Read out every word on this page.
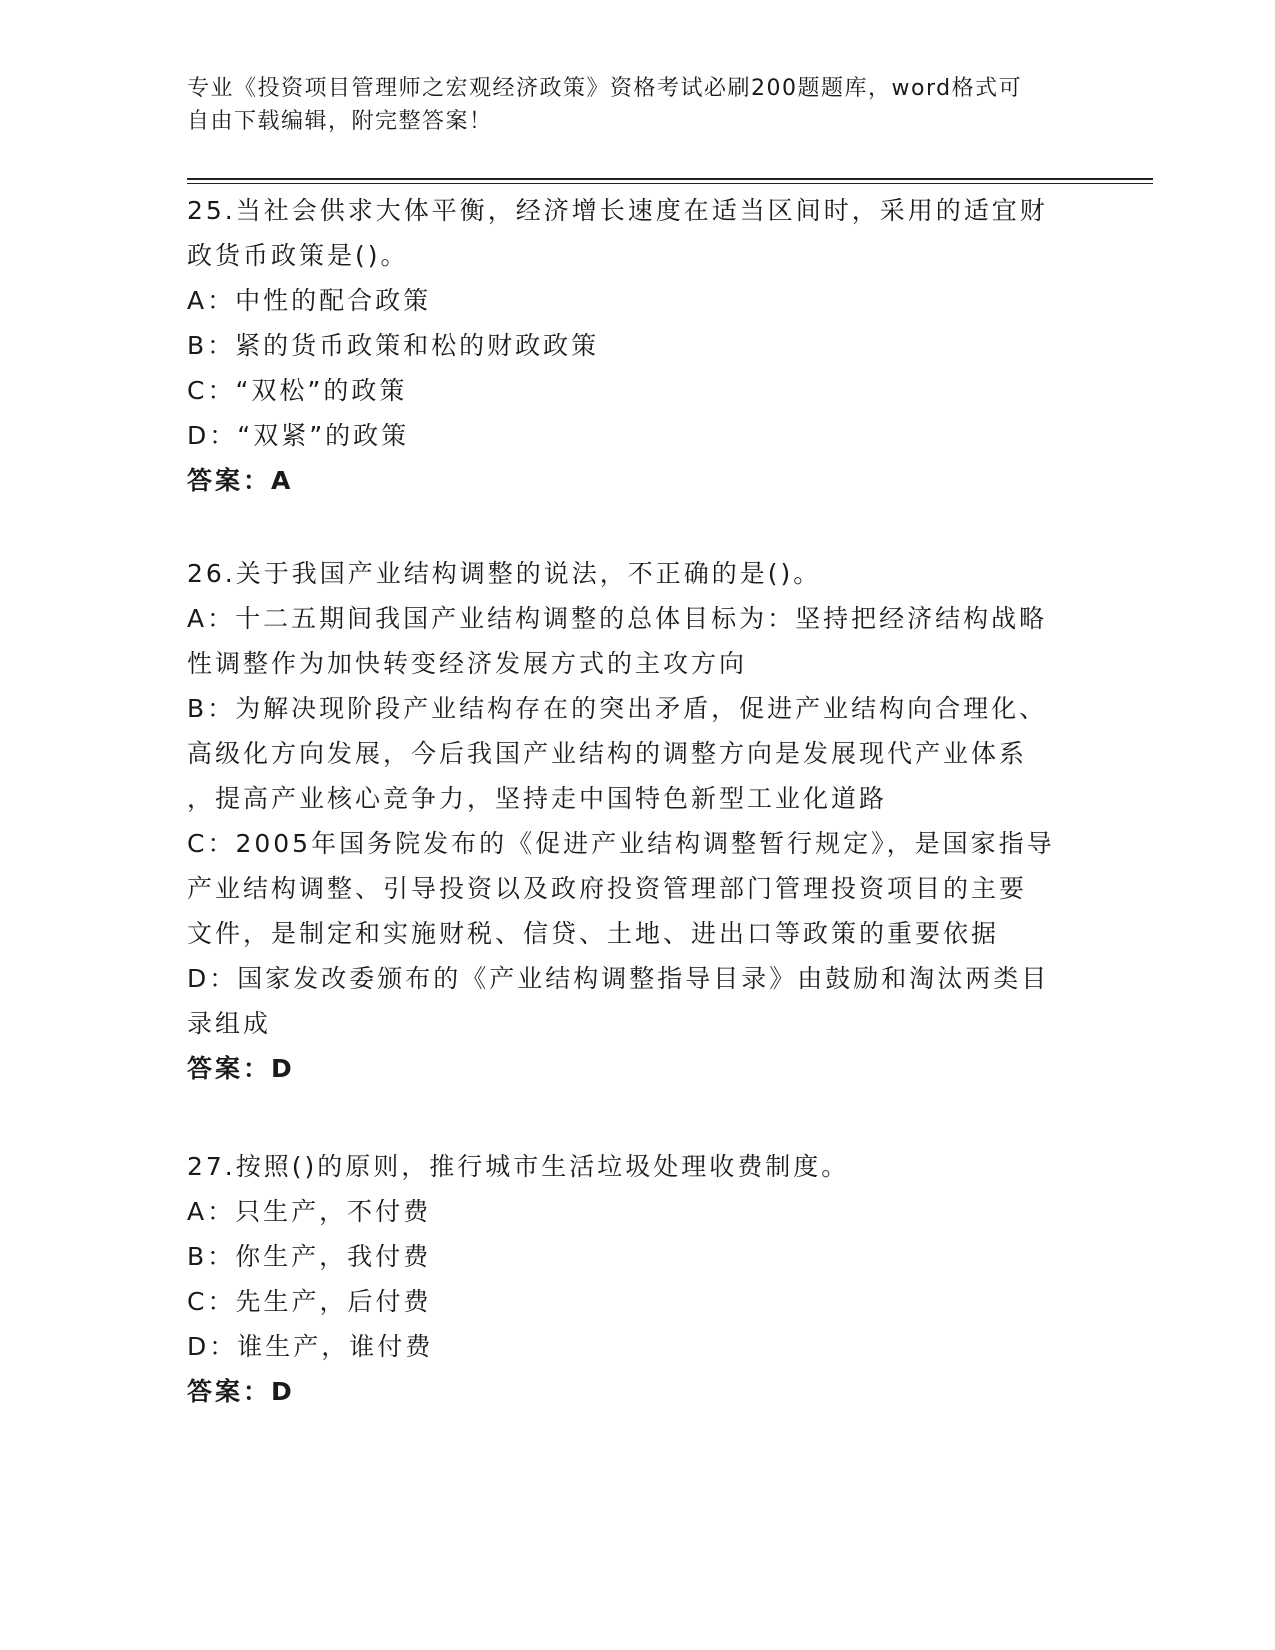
专业《投资项目管理师之宏观经济政策》资格考试必刷200题题库，word格式可
自由下载编辑，附完整答案！

25.当社会供求大体平衡，经济增长速度在适当区间时，采用的适宜财

政货币政策是()。

A：中性的配合政策

B：紧的货币政策和松的财政政策

C：“双松”的政策

D：“双紧”的政策

答案：A

26.关于我国产业结构调整的说法，不正确的是()。

A：十二五期间我国产业结构调整的总体目标为：坚持把经济结构战略

性调整作为加快转变经济发展方式的主攻方向

B：为解决现阶段产业结构存在的突出矛盾，促进产业结构向合理化、

高级化方向发展，今后我国产业结构的调整方向是发展现代产业体系

，提高产业核心竞争力，坚持走中国特色新型工业化道路

C：2005年国务院发布的《促进产业结构调整暂行规定》，是国家指导

产业结构调整、引导投资以及政府投资管理部门管理投资项目的主要

文件，是制定和实施财税、信贷、土地、进出口等政策的重要依据

D：国家发改委颁布的《产业结构调整指导目录》由鼓励和淘汰两类目

录组成

答案：D

27.按照()的原则，推行城市生活垃圾处理收费制度。

A：只生产，不付费

B：你生产，我付费

C：先生产，后付费

D：谁生产，谁付费

答案：D
